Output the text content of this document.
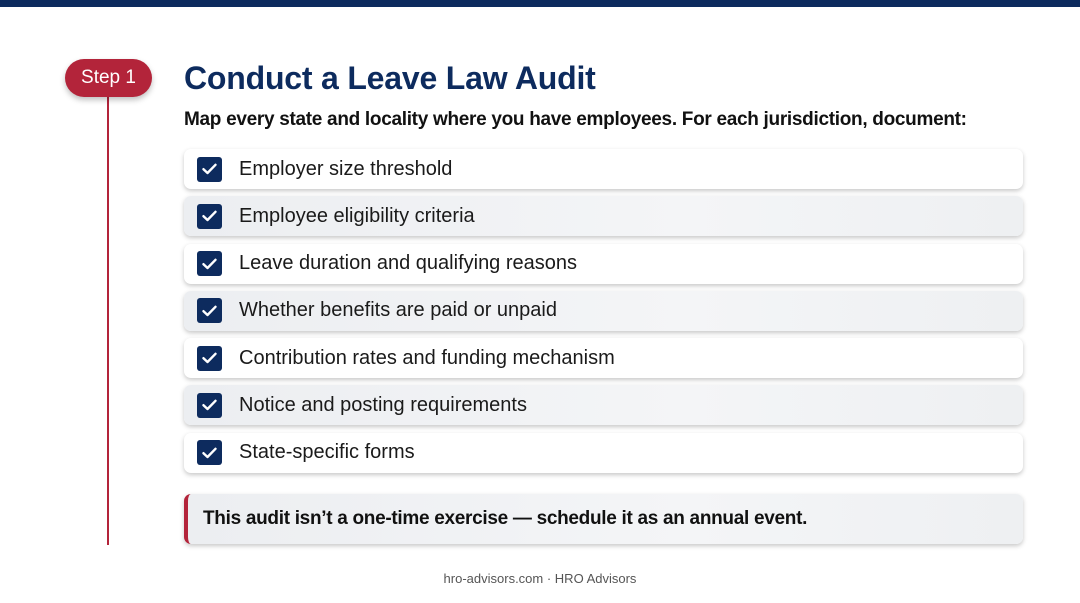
Step 1	Conduct a Leave Law Audit

Map every state and locality where you have employees. For each jurisdiction, document:

Employer size threshold
Employee eligibility criteria
Leave duration and qualifying reasons
Whether benefits are paid or unpaid
Contribution rates and funding mechanism
Notice and posting requirements
State-specific forms
This audit isn’t a one-time exercise — schedule it as an annual event.
hro-advisors.com · HRO Advisors
